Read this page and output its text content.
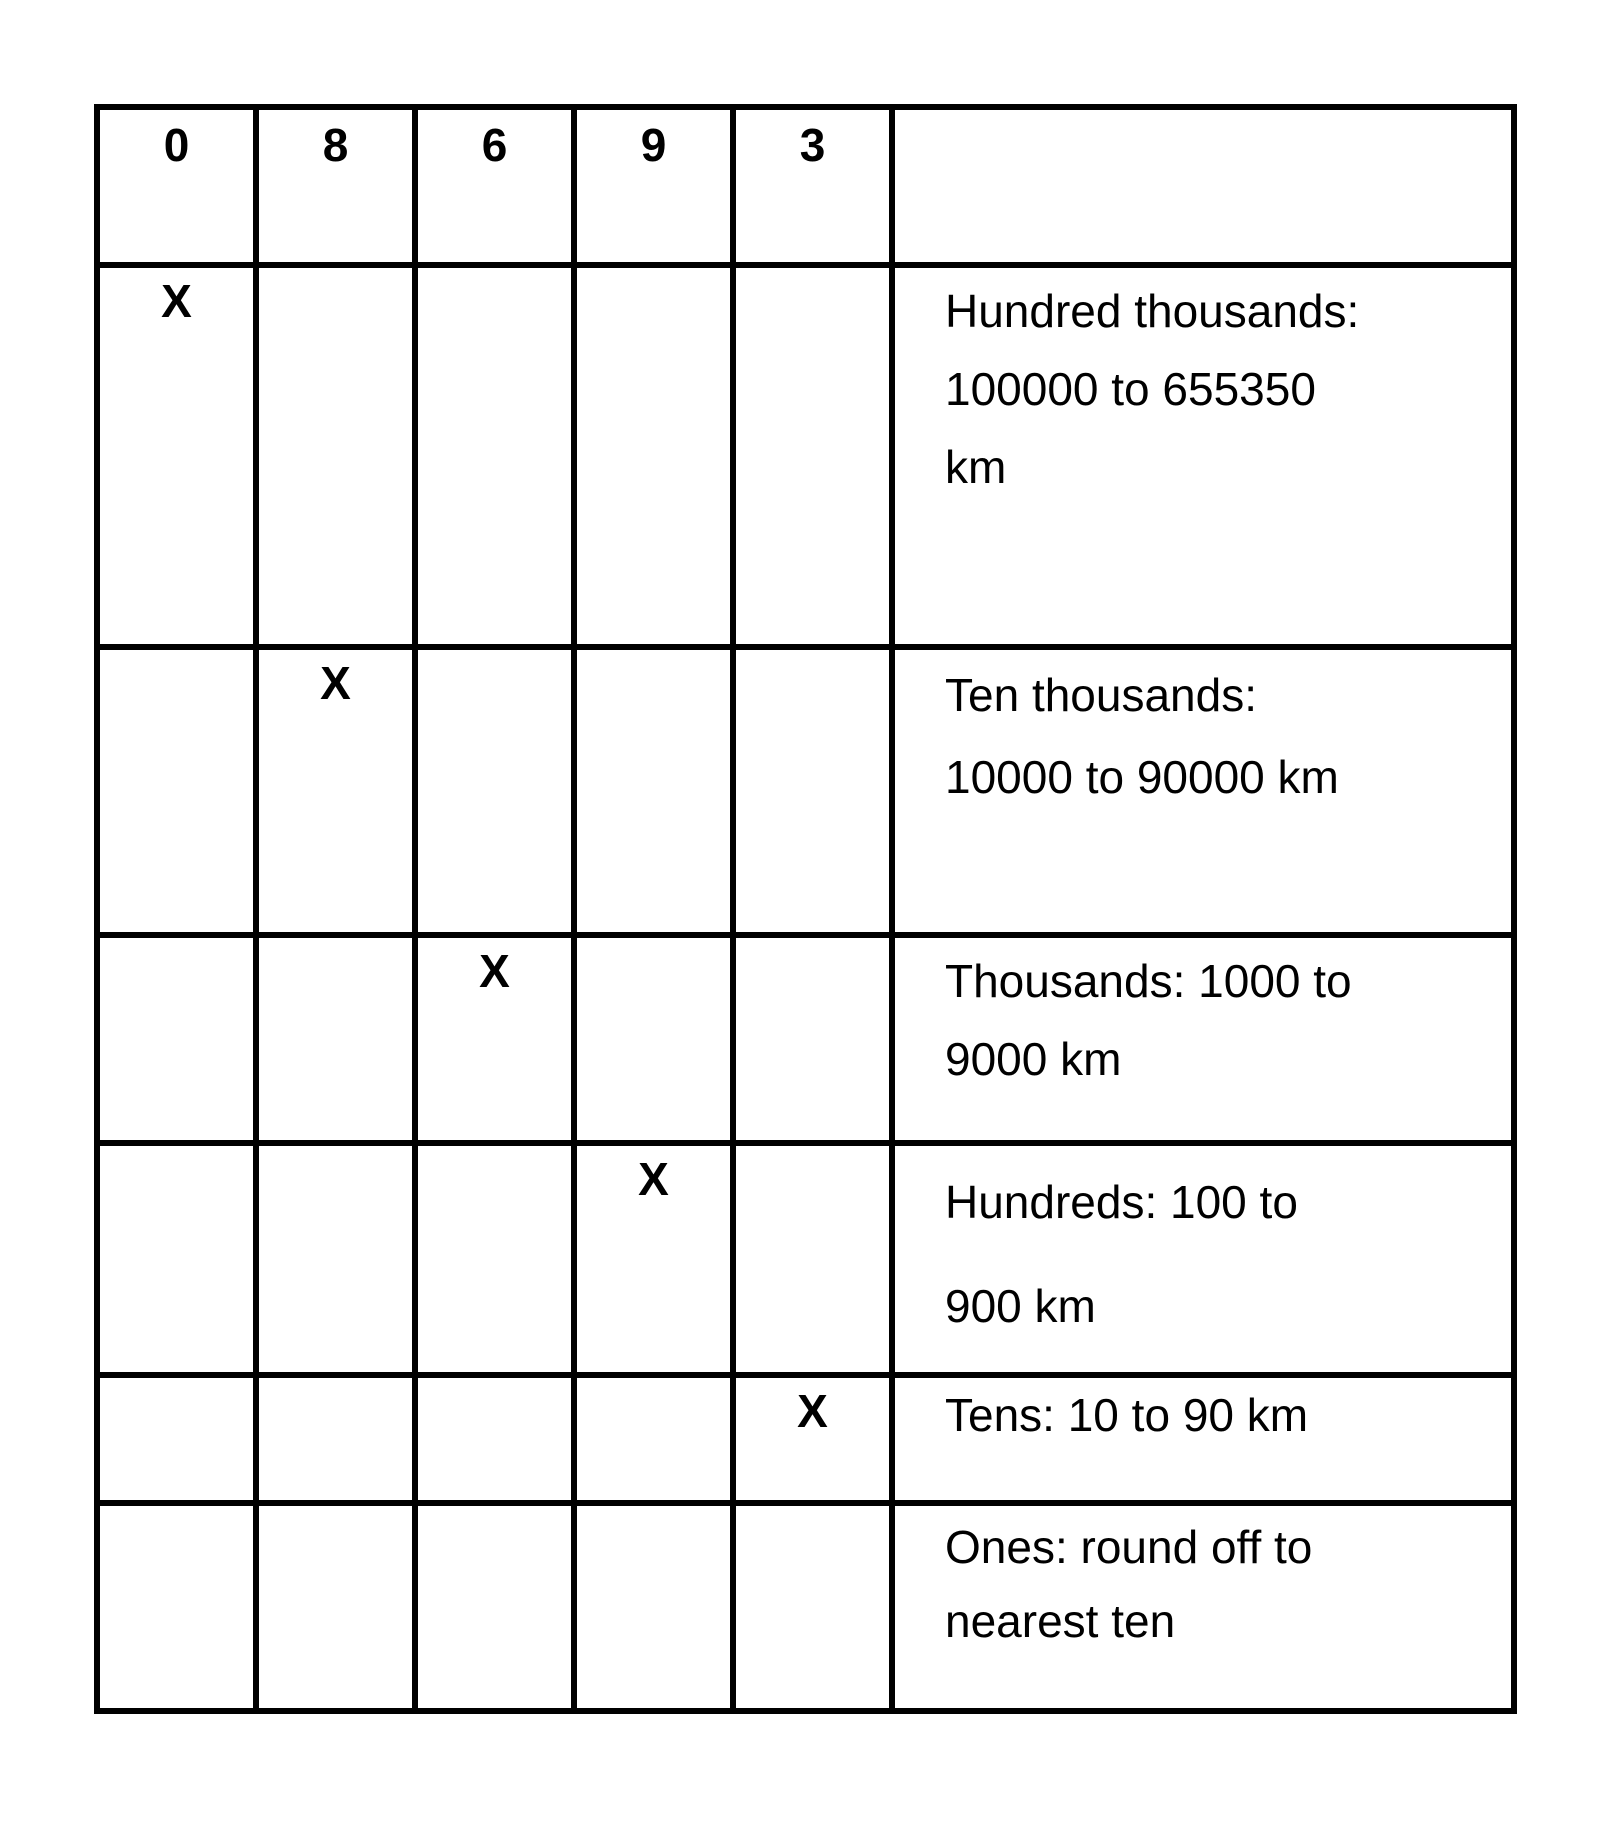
0	8	6	9	3	
X					Hundred thousands: 100000 to 655350 km

	X				Ten thousands: 10000 to 90000 km

		X			Thousands: 1000 to 9000 km

			X		Hundreds: 100 to 900 km

				X	Tens: 10 to 90 km

					Ones: round off to nearest ten
